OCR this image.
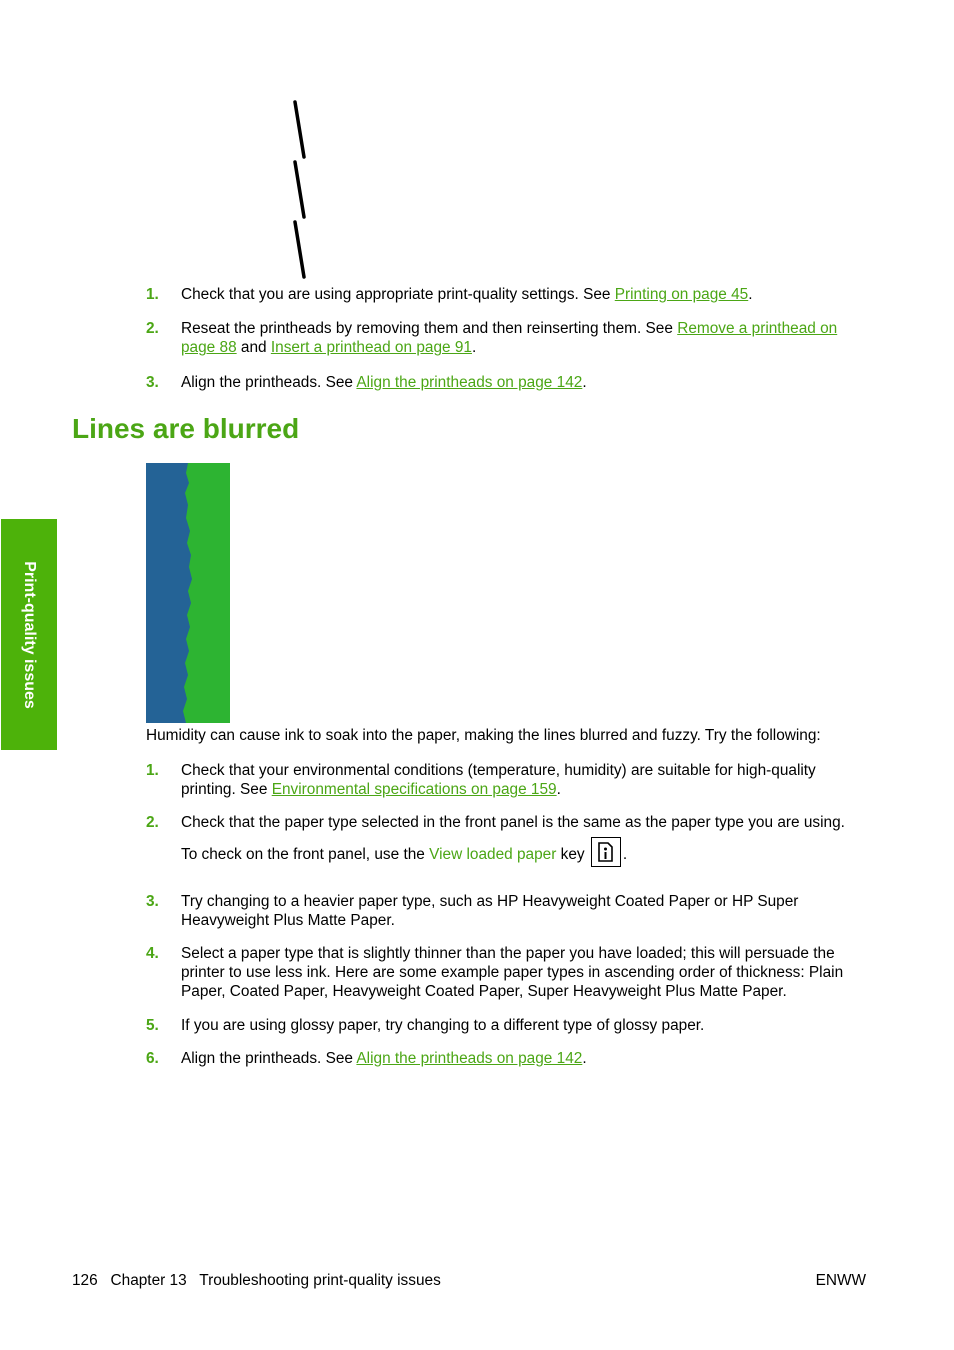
1. Check that you are using appropriate print-quality settings. See Printing on page 45.
2. Reseat the printheads by removing them and then reinserting them. See Remove a printhead on page 88 and Insert a printhead on page 91.
3. Align the printheads. See Align the printheads on page 142.
Lines are blurred

Humidity can cause ink to soak into the paper, making the lines blurred and fuzzy. Try the following:

1. Check that your environmental conditions (temperature, humidity) are suitable for high-quality printing. See Environmental specifications on page 159.
2. Check that the paper type selected in the front panel is the same as the paper type you are using.
To check on the front panel, use the View loaded paper key .
3. Try changing to a heavier paper type, such as HP Heavyweight Coated Paper or HP Super Heavyweight Plus Matte Paper.
4. Select a paper type that is slightly thinner than the paper you have loaded; this will persuade the printer to use less ink. Here are some example paper types in ascending order of thickness: Plain Paper, Coated Paper, Heavyweight Coated Paper, Super Heavyweight Plus Matte Paper.
5. If you are using glossy paper, try changing to a different type of glossy paper.
6. Align the printheads. See Align the printheads on page 142.
Print-quality issues
126 Chapter 13 Troubleshooting print-quality issues	ENWW
